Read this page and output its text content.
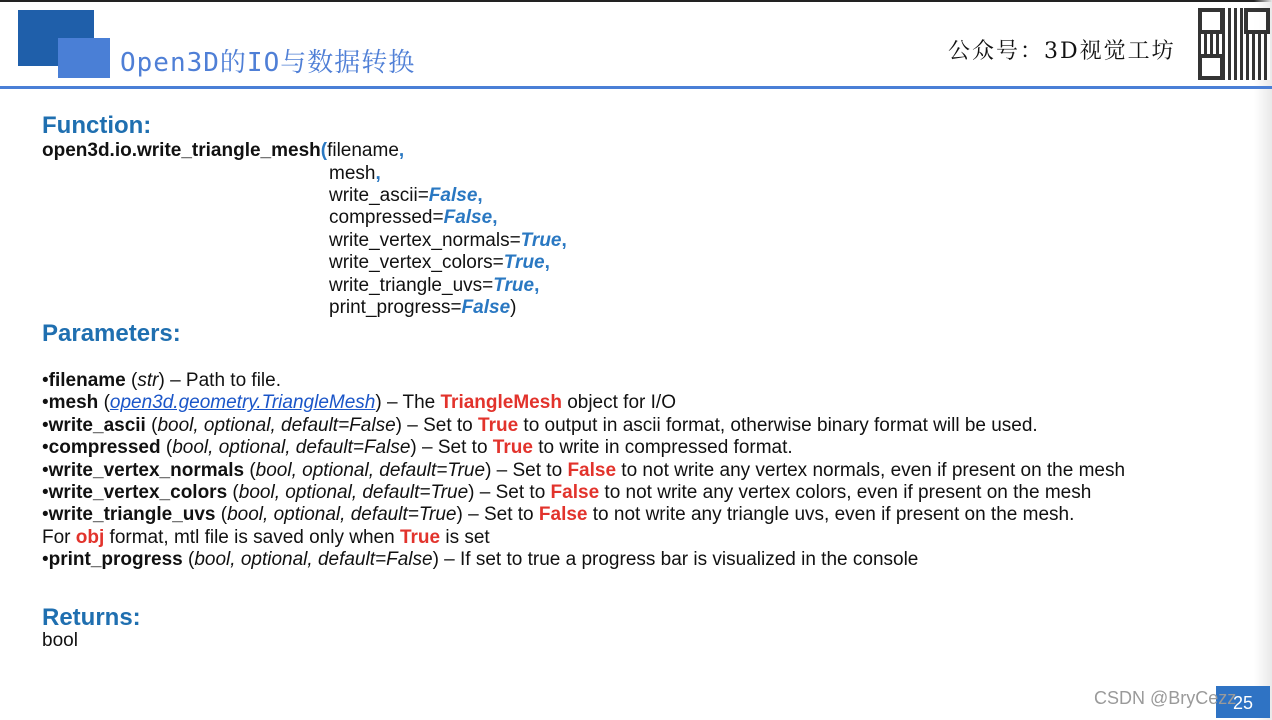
Open3D的IO与数据转换	公众号：3D视觉工坊
Function:
open3d.io.write_triangle_mesh(filename,
mesh,
write_ascii=False,
compressed=False,
write_vertex_normals=True,
write_vertex_colors=True,
write_triangle_uvs=True,
print_progress=False)
Parameters:
•filename (str) – Path to file.
•mesh (open3d.geometry.TriangleMesh) – The TriangleMesh object for I/O
•write_ascii (bool, optional, default=False) – Set to True to output in ascii format, otherwise binary format will be used.
•compressed (bool, optional, default=False) – Set to True to write in compressed format.
•write_vertex_normals (bool, optional, default=True) – Set to False to not write any vertex normals, even if present on the mesh
•write_vertex_colors (bool, optional, default=True) – Set to False to not write any vertex colors, even if present on the mesh
•write_triangle_uvs (bool, optional, default=True) – Set to False to not write any triangle uvs, even if present on the mesh.
For obj format, mtl file is saved only when True is set
•print_progress (bool, optional, default=False) – If set to true a progress bar is visualized in the console
Returns:
bool
25
CSDN @BryCezz
